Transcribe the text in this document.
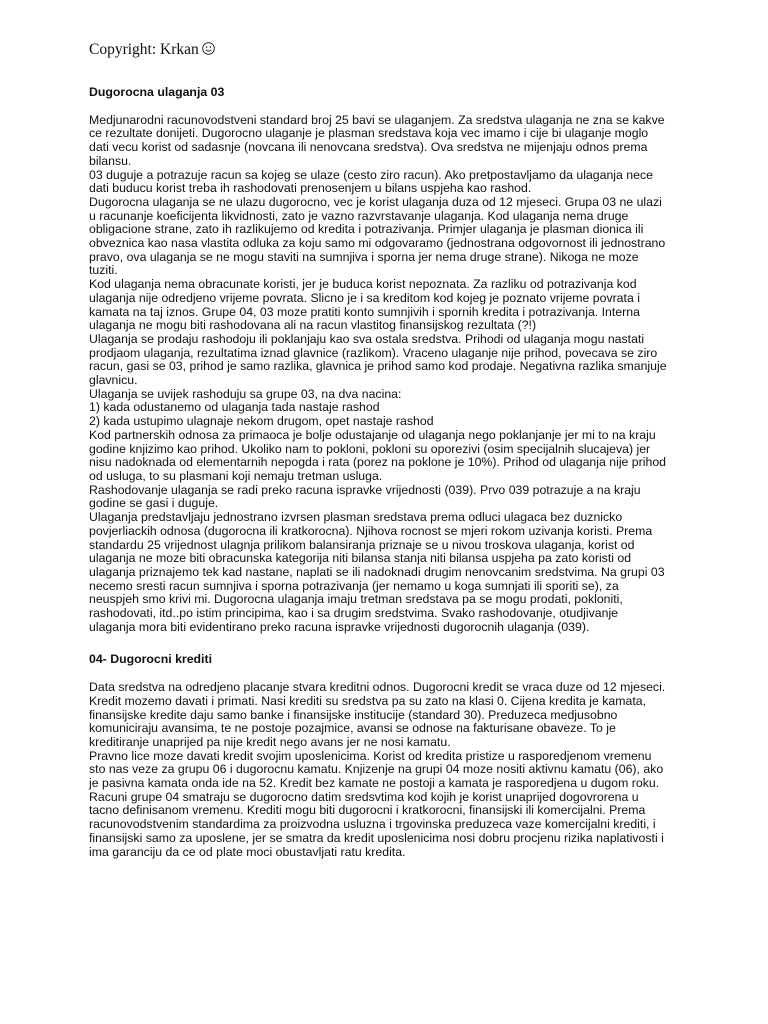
Copyright: Krkan

Dugorocna ulaganja 03

Medjunarodni racunovodstveni standard broj 25 bavi se ulaganjem. Za sredstva ulaganja ne zna se kakve

ce rezultate donijeti. Dugorocno ulaganje je plasman sredstava koja vec imamo i cije bi ulaganje moglo

dati vecu korist od sadasnje (novcana ili nenovcana sredstva). Ova sredstva ne mijenjaju odnos prema

bilansu.

03 duguje a potrazuje racun sa kojeg se ulaze (cesto ziro racun). Ako pretpostavljamo da ulaganja nece

dati buducu korist treba ih rashodovati prenosenjem u bilans uspjeha kao rashod.

Dugorocna ulaganja se ne ulazu dugorocno, vec je korist ulaganja duza od 12 mjeseci. Grupa 03 ne ulazi

u racunanje koeficijenta likvidnosti, zato je vazno razvrstavanje ulaganja. Kod ulaganja nema druge

obligacione strane, zato ih razlikujemo od kredita i potrazivanja. Primjer ulaganja je plasman dionica ili

obveznica kao nasa vlastita odluka za koju samo mi odgovaramo (jednostrana odgovornost ili jednostrano

pravo, ova ulaganja se ne mogu staviti na sumnjiva i sporna jer nema druge strane). Nikoga ne moze

tuziti.

Kod ulaganja nema obracunate koristi, jer je buduca korist nepoznata. Za razliku od potrazivanja kod

ulaganja nije odredjeno vrijeme povrata. Slicno je i sa kreditom kod kojeg je poznato vrijeme povrata i

kamata na taj iznos. Grupe 04, 03 moze pratiti konto sumnjivih i spornih kredita i potrazivanja. Interna

ulaganja ne mogu biti rashodovana ali na racun vlastitog finansijskog rezultata (?!)

Ulaganja se prodaju rashodoju ili poklanjaju kao sva ostala sredstva. Prihodi od ulaganja mogu nastati

prodjaom ulaganja, rezultatima iznad glavnice (razlikom). Vraceno ulaganje nije prihod, povecava se ziro

racun, gasi se 03, prihod je samo razlika, glavnica je prihod samo kod prodaje. Negativna razlika smanjuje

glavnicu.

Ulaganja se uvijek rashoduju sa grupe 03, na dva nacina:

1) kada odustanemo od ulaganja tada nastaje rashod

2) kada ustupimo ulagnaje nekom drugom, opet nastaje rashod

Kod partnerskih odnosa za primaoca je bolje odustajanje od ulaganja nego poklanjanje jer mi to na kraju

godine knjizimo kao prihod. Ukoliko nam to pokloni, pokloni su oporezivi (osim specijalnih slucajeva) jer

nisu nadoknada od elementarnih nepogda i rata (porez na poklone je 10%). Prihod od ulaganja nije prihod

od usluga, to su plasmani koji nemaju tretman usluga.

Rashodovanje ulaganja se radi preko racuna ispravke vrijednosti (039). Prvo 039 potrazuje a na kraju

godine se gasi i duguje.

Ulaganja predstavljaju jednostrano izvrsen plasman sredstava prema odluci ulagaca bez duznicko

povjerliackih odnosa (dugorocna ili kratkorocna). Njihova rocnost se mjeri rokom uzivanja koristi. Prema

standardu 25 vrijednost ulagnja prilikom balansiranja priznaje se u nivou troskova ulaganja, korist od

ulaganja ne moze biti obracunska kategorija niti bilansa stanja niti bilansa uspjeha pa zato koristi od

ulaganja priznajemo tek kad nastane, naplati se ili nadoknadi drugim nenovcanim sredstvima. Na grupi 03

necemo sresti racun sumnjiva i sporna potrazivanja (jer nemamo u koga sumnjati ili sporiti se), za

neuspjeh smo krivi mi. Dugorocna ulaganja imaju tretman sredstava pa se mogu prodati, pokloniti,

rashodovati, itd..po istim principima, kao i sa drugim sredstvima. Svako rashodovanje, otudjivanje

ulaganja mora biti evidentirano preko racuna ispravke vrijednosti dugorocnih ulaganja (039).

04- Dugorocni krediti

Data sredstva na odredjeno placanje stvara kreditni odnos. Dugorocni kredit se vraca duze od 12 mjeseci.

Kredit mozemo davati i primati. Nasi krediti su sredstva pa su zato na klasi 0. Cijena kredita je kamata,

finansijske kredite daju samo banke i finansijske institucije (standard 30). Preduzeca medjusobno

komuniciraju avansima, te ne postoje pozajmice, avansi se odnose na fakturisane obaveze. To je

kreditiranje unaprijed pa nije kredit nego avans jer ne nosi kamatu.

Pravno lice moze davati kredit svojim uposlenicima. Korist od kredita pristize u rasporedjenom vremenu

sto nas veze za grupu 06 i dugorocnu kamatu. Knjizenje na grupi 04 moze nositi aktivnu kamatu (06), ako

je pasivna kamata onda ide na 52. Kredit bez kamate ne postoji a kamata je rasporedjena u dugom roku.

Racuni grupe 04 smatraju se dugorocno datim sredsvtima kod kojih je korist unaprijed dogovrorena u

tacno definisanom vremenu. Krediti mogu biti dugorocni i kratkorocni, finansijski ili komercijalni. Prema

racunovodstvenim standardima za proizvodna usluzna i trgovinska preduzeca vaze komercijalni krediti, i

finansijski samo za uposlene, jer se smatra da kredit uposlenicima nosi dobru procjenu rizika naplativosti i

ima garanciju da ce od plate moci obustavljati ratu kredita.
